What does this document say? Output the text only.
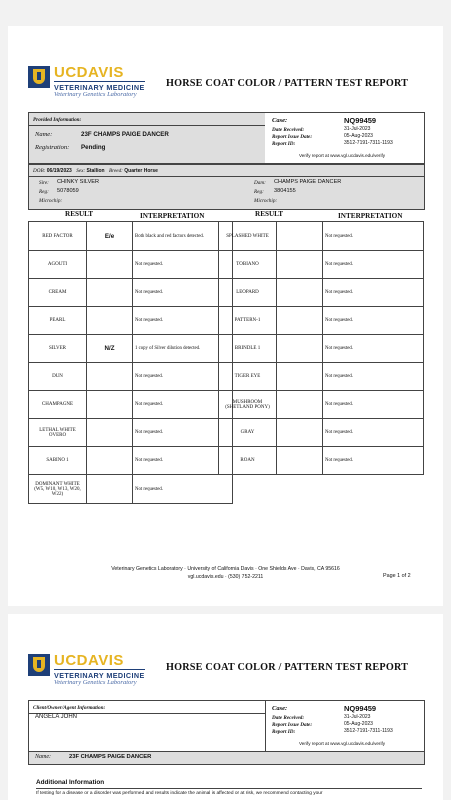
UCDAVIS
VETERINARY MEDICINE
Veterinary Genetics Laboratory
HORSE COAT COLOR / PATTERN TEST REPORT
Provided Information:
Name:	23F CHAMPS PAIGE DANCER
Registration: Pending
Case:	NQ99459
Date Received:	31-Jul-2023
Report Issue Date:	05-Aug-2023
Report ID:	3512-7191-7311-1193
Verify report at www.vgl.ucdavis.edu/verify
DOB: 06/19/2023 Sex: Stallion Breed: Quarter Horse
Sire: CHINKY SILVER
Reg: 5078059
Microchip:
Dam: CHAMPS PAIGE DANCER
Reg: 3804155
Microchip:
RESULT	INTERPRETATION	RESULT	INTERPRETATION
RED FACTOR	E/e	Both black and red factors detected.
AGOUTI		Not requested.
CREAM		Not requested.
PEARL		Not requested.
SILVER	N/Z	1 copy of Silver dilution detected.
DUN		Not requested.
CHAMPAGNE		Not requested.
LETHAL WHITE OVERO		Not requested.
SABINO 1		Not requested.
DOMINANT WHITE (W5, W10, W13, W20, W22)		Not requested.
SPLASHED WHITE		Not requested.
TOBIANO		Not requested.
LEOPARD		Not requested.
PATTERN-1		Not requested.
BRINDLE 1		Not requested.
TIGER EYE		Not requested.
MUSHROOM (SHETLAND PONY)		Not requested.
GRAY		Not requested.
ROAN		Not requested.
Veterinary Genetics Laboratory · University of California Davis · One Shields Ave · Davis, CA 95616
vgl.ucdavis.edu · (530) 752-2211	Page 1 of 2
UCDAVIS
VETERINARY MEDICINE
Veterinary Genetics Laboratory
HORSE COAT COLOR / PATTERN TEST REPORT
Client/Owner/Agent Information:
ANGELA JOHN
Case:	NQ99459
Date Received:	31-Jul-2023
Report Issue Date:	05-Aug-2023
Report ID:	3512-7191-7311-1193
Verify report at www.vgl.ucdavis.edu/verify
Name:	23F CHAMPS PAIGE DANCER
Additional Information
If testing for a disease or a disorder was performed and results indicate the animal is affected or at risk, we recommend contacting your
